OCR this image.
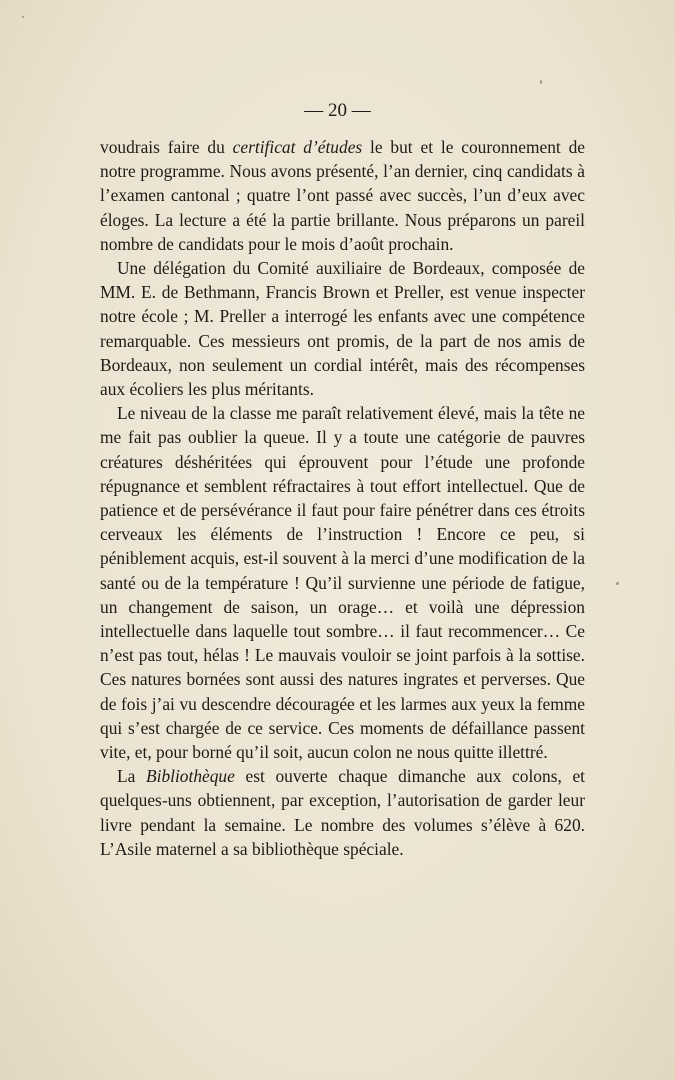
— 20 —

voudrais faire du certificat d’études le but et le couronnement de notre programme. Nous avons présenté, l’an dernier, cinq candidats à l’examen cantonal ; quatre l’ont passé avec succès, l’un d’eux avec éloges. La lecture a été la partie brillante. Nous préparons un pareil nombre de candidats pour le mois d’août prochain.

Une délégation du Comité auxiliaire de Bordeaux, composée de MM. E. de Bethmann, Francis Brown et Preller, est venue inspecter notre école ; M. Preller a interrogé les enfants avec une compétence remarquable. Ces messieurs ont promis, de la part de nos amis de Bordeaux, non seulement un cordial intérêt, mais des récompenses aux écoliers les plus méritants.

Le niveau de la classe me paraît relativement élevé, mais la tête ne me fait pas oublier la queue. Il y a toute une catégorie de pauvres créatures déshéritées qui éprouvent pour l’étude une profonde répugnance et semblent réfractaires à tout effort intellectuel. Que de patience et de persévérance il faut pour faire pénétrer dans ces étroits cerveaux les éléments de l’instruction ! Encore ce peu, si péniblement acquis, est-il souvent à la merci d’une modification de la santé ou de la température ! Qu’il survienne une période de fatigue, un changement de saison, un orage… et voilà une dépression intellectuelle dans laquelle tout sombre… il faut recommencer… Ce n’est pas tout, hélas ! Le mauvais vouloir se joint parfois à la sottise. Ces natures bornées sont aussi des natures ingrates et perverses. Que de fois j’ai vu descendre découragée et les larmes aux yeux la femme qui s’est chargée de ce service. Ces moments de défaillance passent vite, et, pour borné qu’il soit, aucun colon ne nous quitte illettré.

La Bibliothèque est ouverte chaque dimanche aux colons, et quelques-uns obtiennent, par exception, l’autorisation de garder leur livre pendant la semaine. Le nombre des volumes s’élève à 620. L’Asile maternel a sa bibliothèque spéciale.
